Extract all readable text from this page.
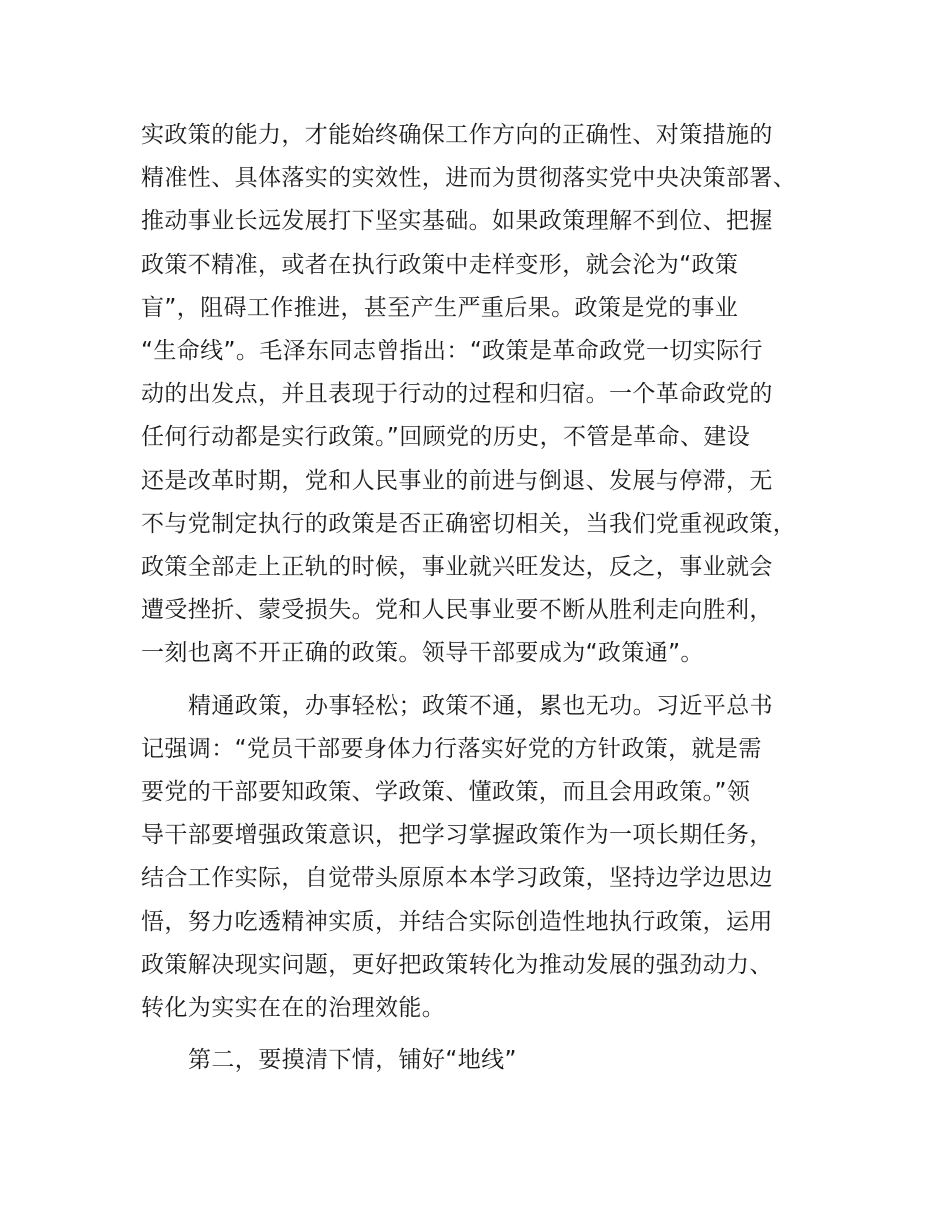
实政策的能力，才能始终确保工作方向的正确性、对策措施的
精准性、具体落实的实效性，进而为贯彻落实党中央决策部署、
推动事业长远发展打下坚实基础。如果政策理解不到位、把握
政策不精准，或者在执行政策中走样变形，就会沦为“政策
盲”，阻碍工作推进，甚至产生严重后果。政策是党的事业
“生命线”。毛泽东同志曾指出：“政策是革命政党一切实际行
动的出发点，并且表现于行动的过程和归宿。一个革命政党的
任何行动都是实行政策。”回顾党的历史，不管是革命、建设
还是改革时期，党和人民事业的前进与倒退、发展与停滞，无
不与党制定执行的政策是否正确密切相关，当我们党重视政策，
政策全部走上正轨的时候，事业就兴旺发达，反之，事业就会
遭受挫折、蒙受损失。党和人民事业要不断从胜利走向胜利，
一刻也离不开正确的政策。领导干部要成为“政策通”。

精通政策，办事轻松；政策不通，累也无功。习近平总书
记强调：“党员干部要身体力行落实好党的方针政策，就是需
要党的干部要知政策、学政策、懂政策，而且会用政策。”领
导干部要增强政策意识，把学习掌握政策作为一项长期任务，
结合工作实际，自觉带头原原本本学习政策，坚持边学边思边
悟，努力吃透精神实质，并结合实际创造性地执行政策，运用
政策解决现实问题，更好把政策转化为推动发展的强劲动力、
转化为实实在在的治理效能。

第二，要摸清下情，铺好“地线”
